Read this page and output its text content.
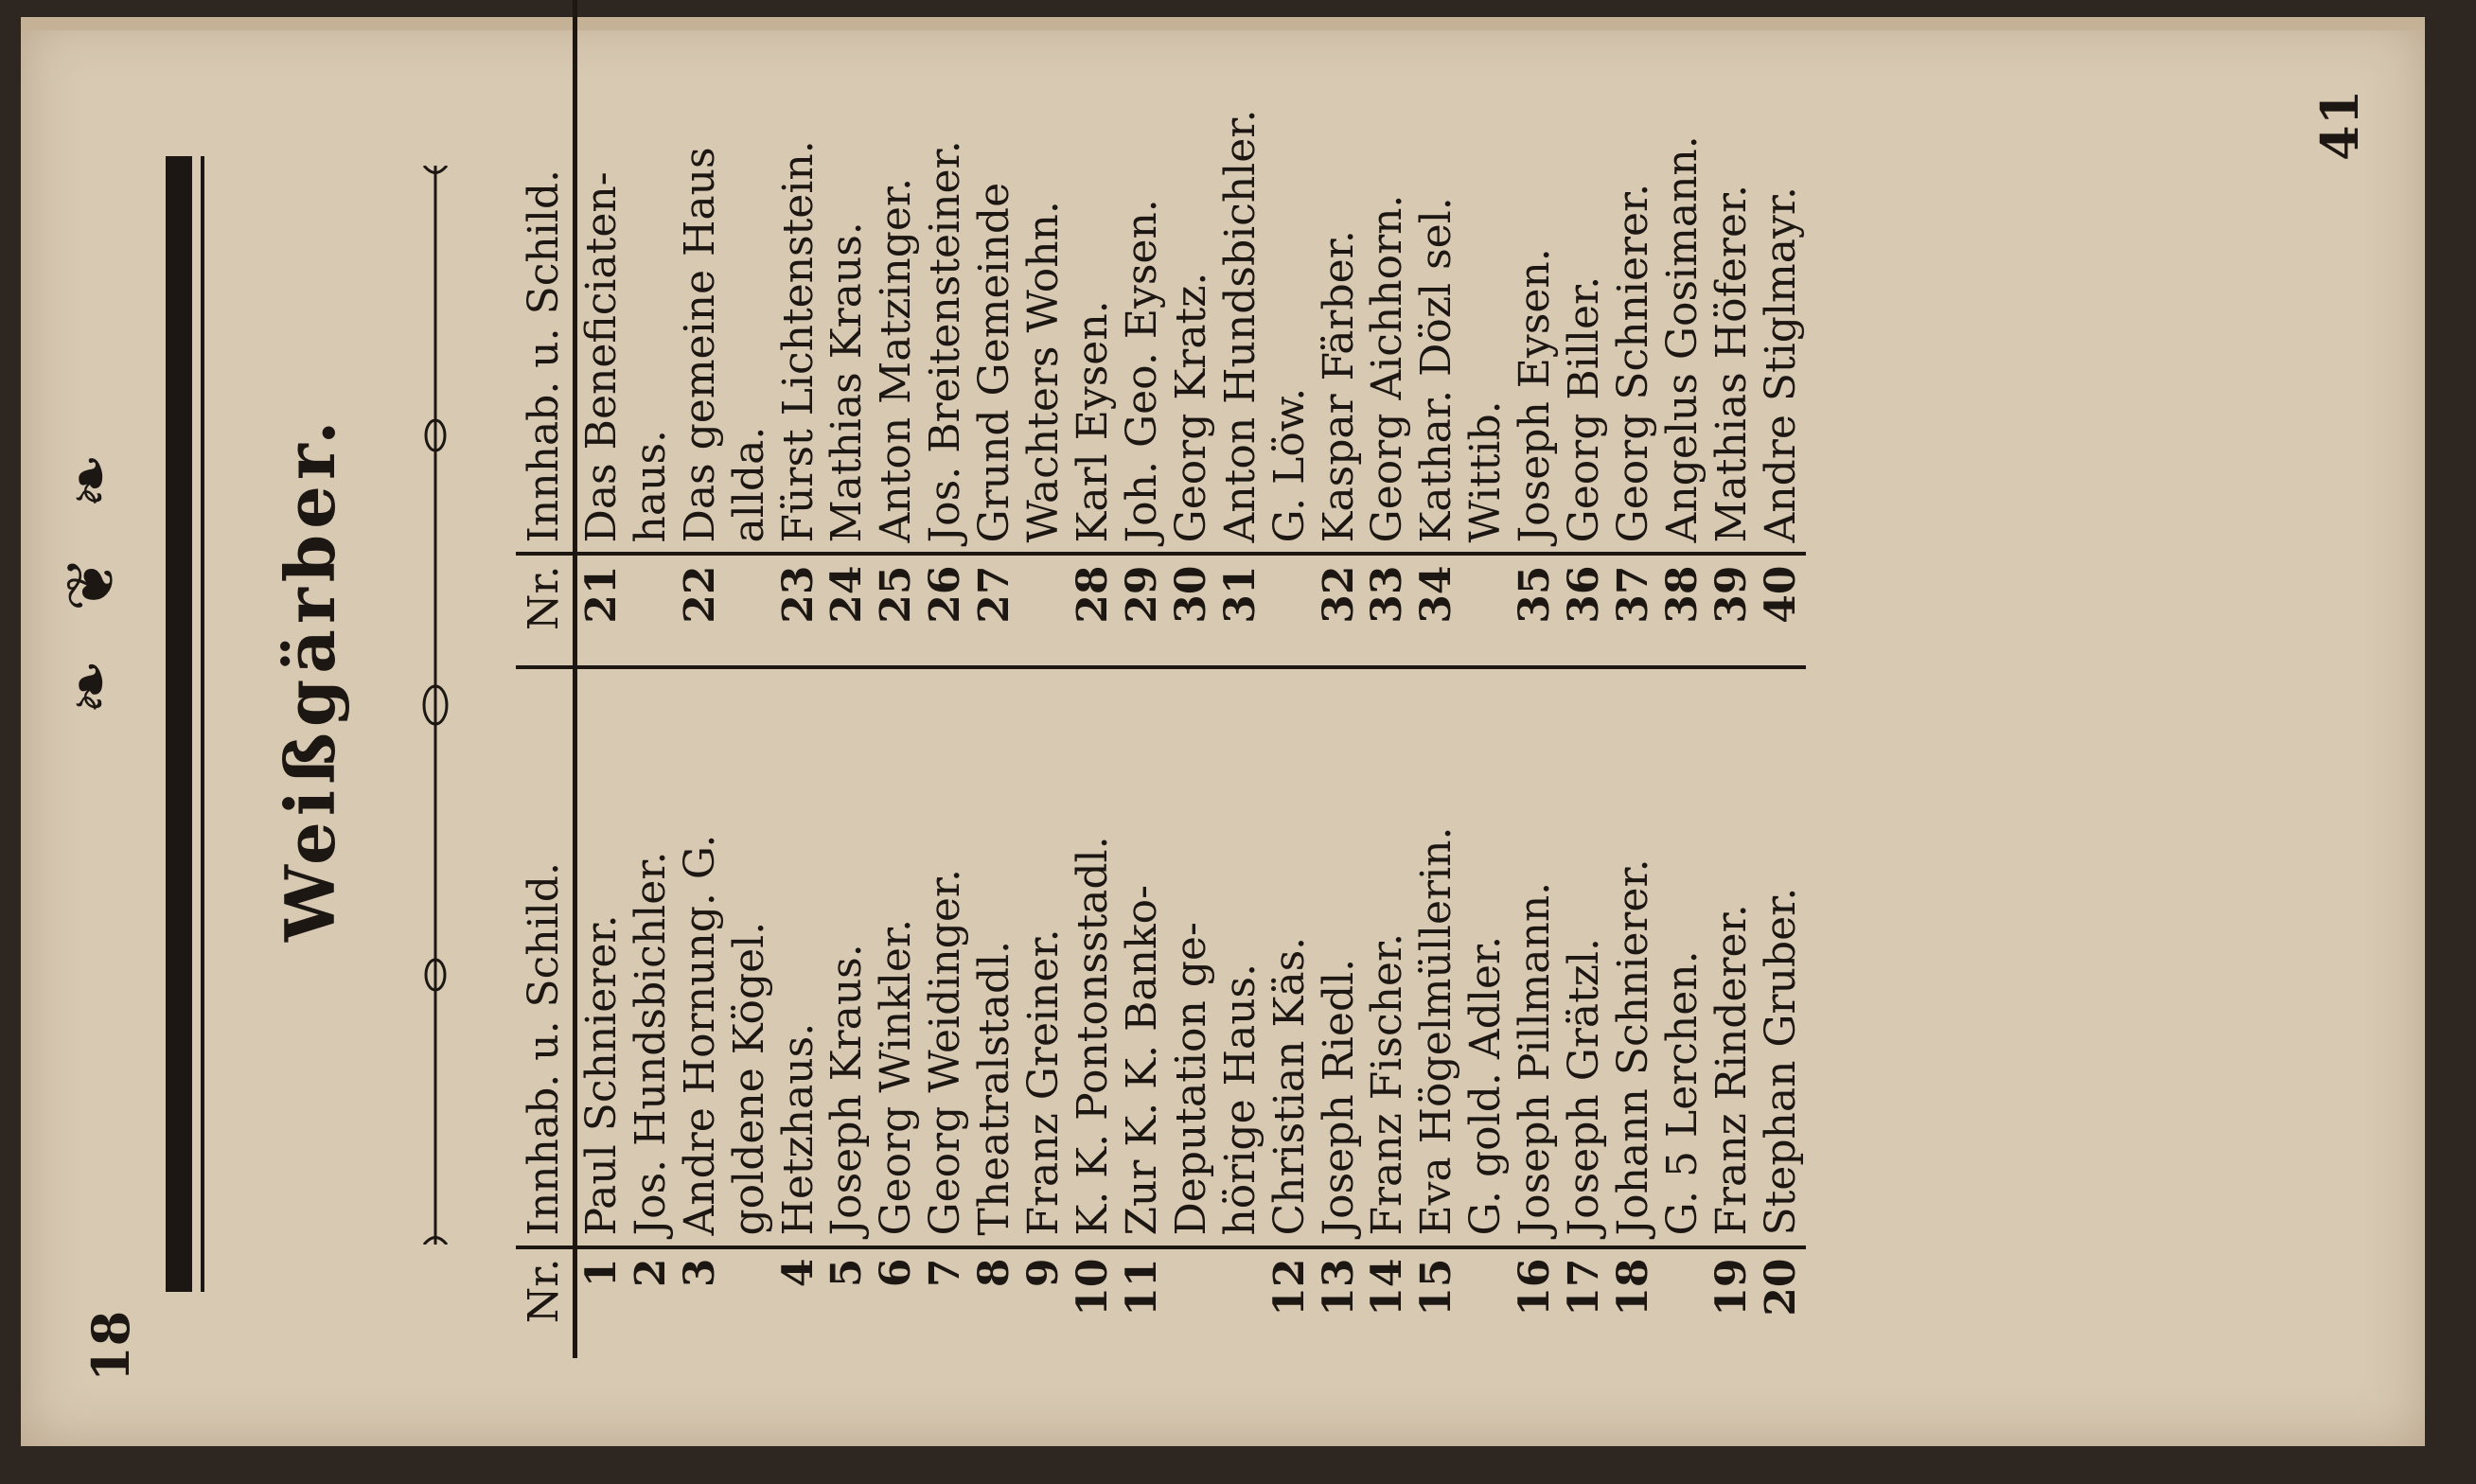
18
❧ ❦ ❧ Weißgärber.
Nr.	Innhab. u. Schild.	Nr.	Innhab. u. Schild.
1	Paul Schnierer.	21	Das Beneficiaten-
2	Jos. Hundsbichler.		haus.
3	Andre Hornung. G.	22	Das gemeine Haus
	goldene Kögel.		allda.
4	Hetzhaus.	23	Fürst Lichtenstein.
5	Joseph Kraus.	24	Mathias Kraus.
6	Georg Winkler.	25	Anton Matzinger.
7	Georg Weidinger.	26	Jos. Breitensteiner.
8	Theatralstadl.	27	Grund Gemeinde
9	Franz Greiner.		Wachters Wohn.
10	K. K. Pontonsstadl.	28	Karl Eysen.
11	Zur K. K. Banko-	29	Joh. Geo. Eysen.
	Deputation ge-	30	Georg Kratz.
	hörige Haus.	31	Anton Hundsbichler.
12	Christian Käs.		G. Löw.
13	Joseph Riedl.	32	Kaspar Färber.
14	Franz Fischer.	33	Georg Aichhorn.
15	Eva Högelmüllerin.	34	Kathar. Dözl sel.
	G. gold. Adler.		Wittib.
16	Joseph Pillmann.	35	Joseph Eysen.
17	Joseph Grätzl.	36	Georg Biller.
18	Johann Schnierer.	37	Georg Schnierer.
	G. 5 Lerchen.	38	Angelus Gosimann.
19	Franz Rinderer.	39	Mathias Höferer.
20	Stephan Gruber.	40	Andre Stiglmayr.
41
